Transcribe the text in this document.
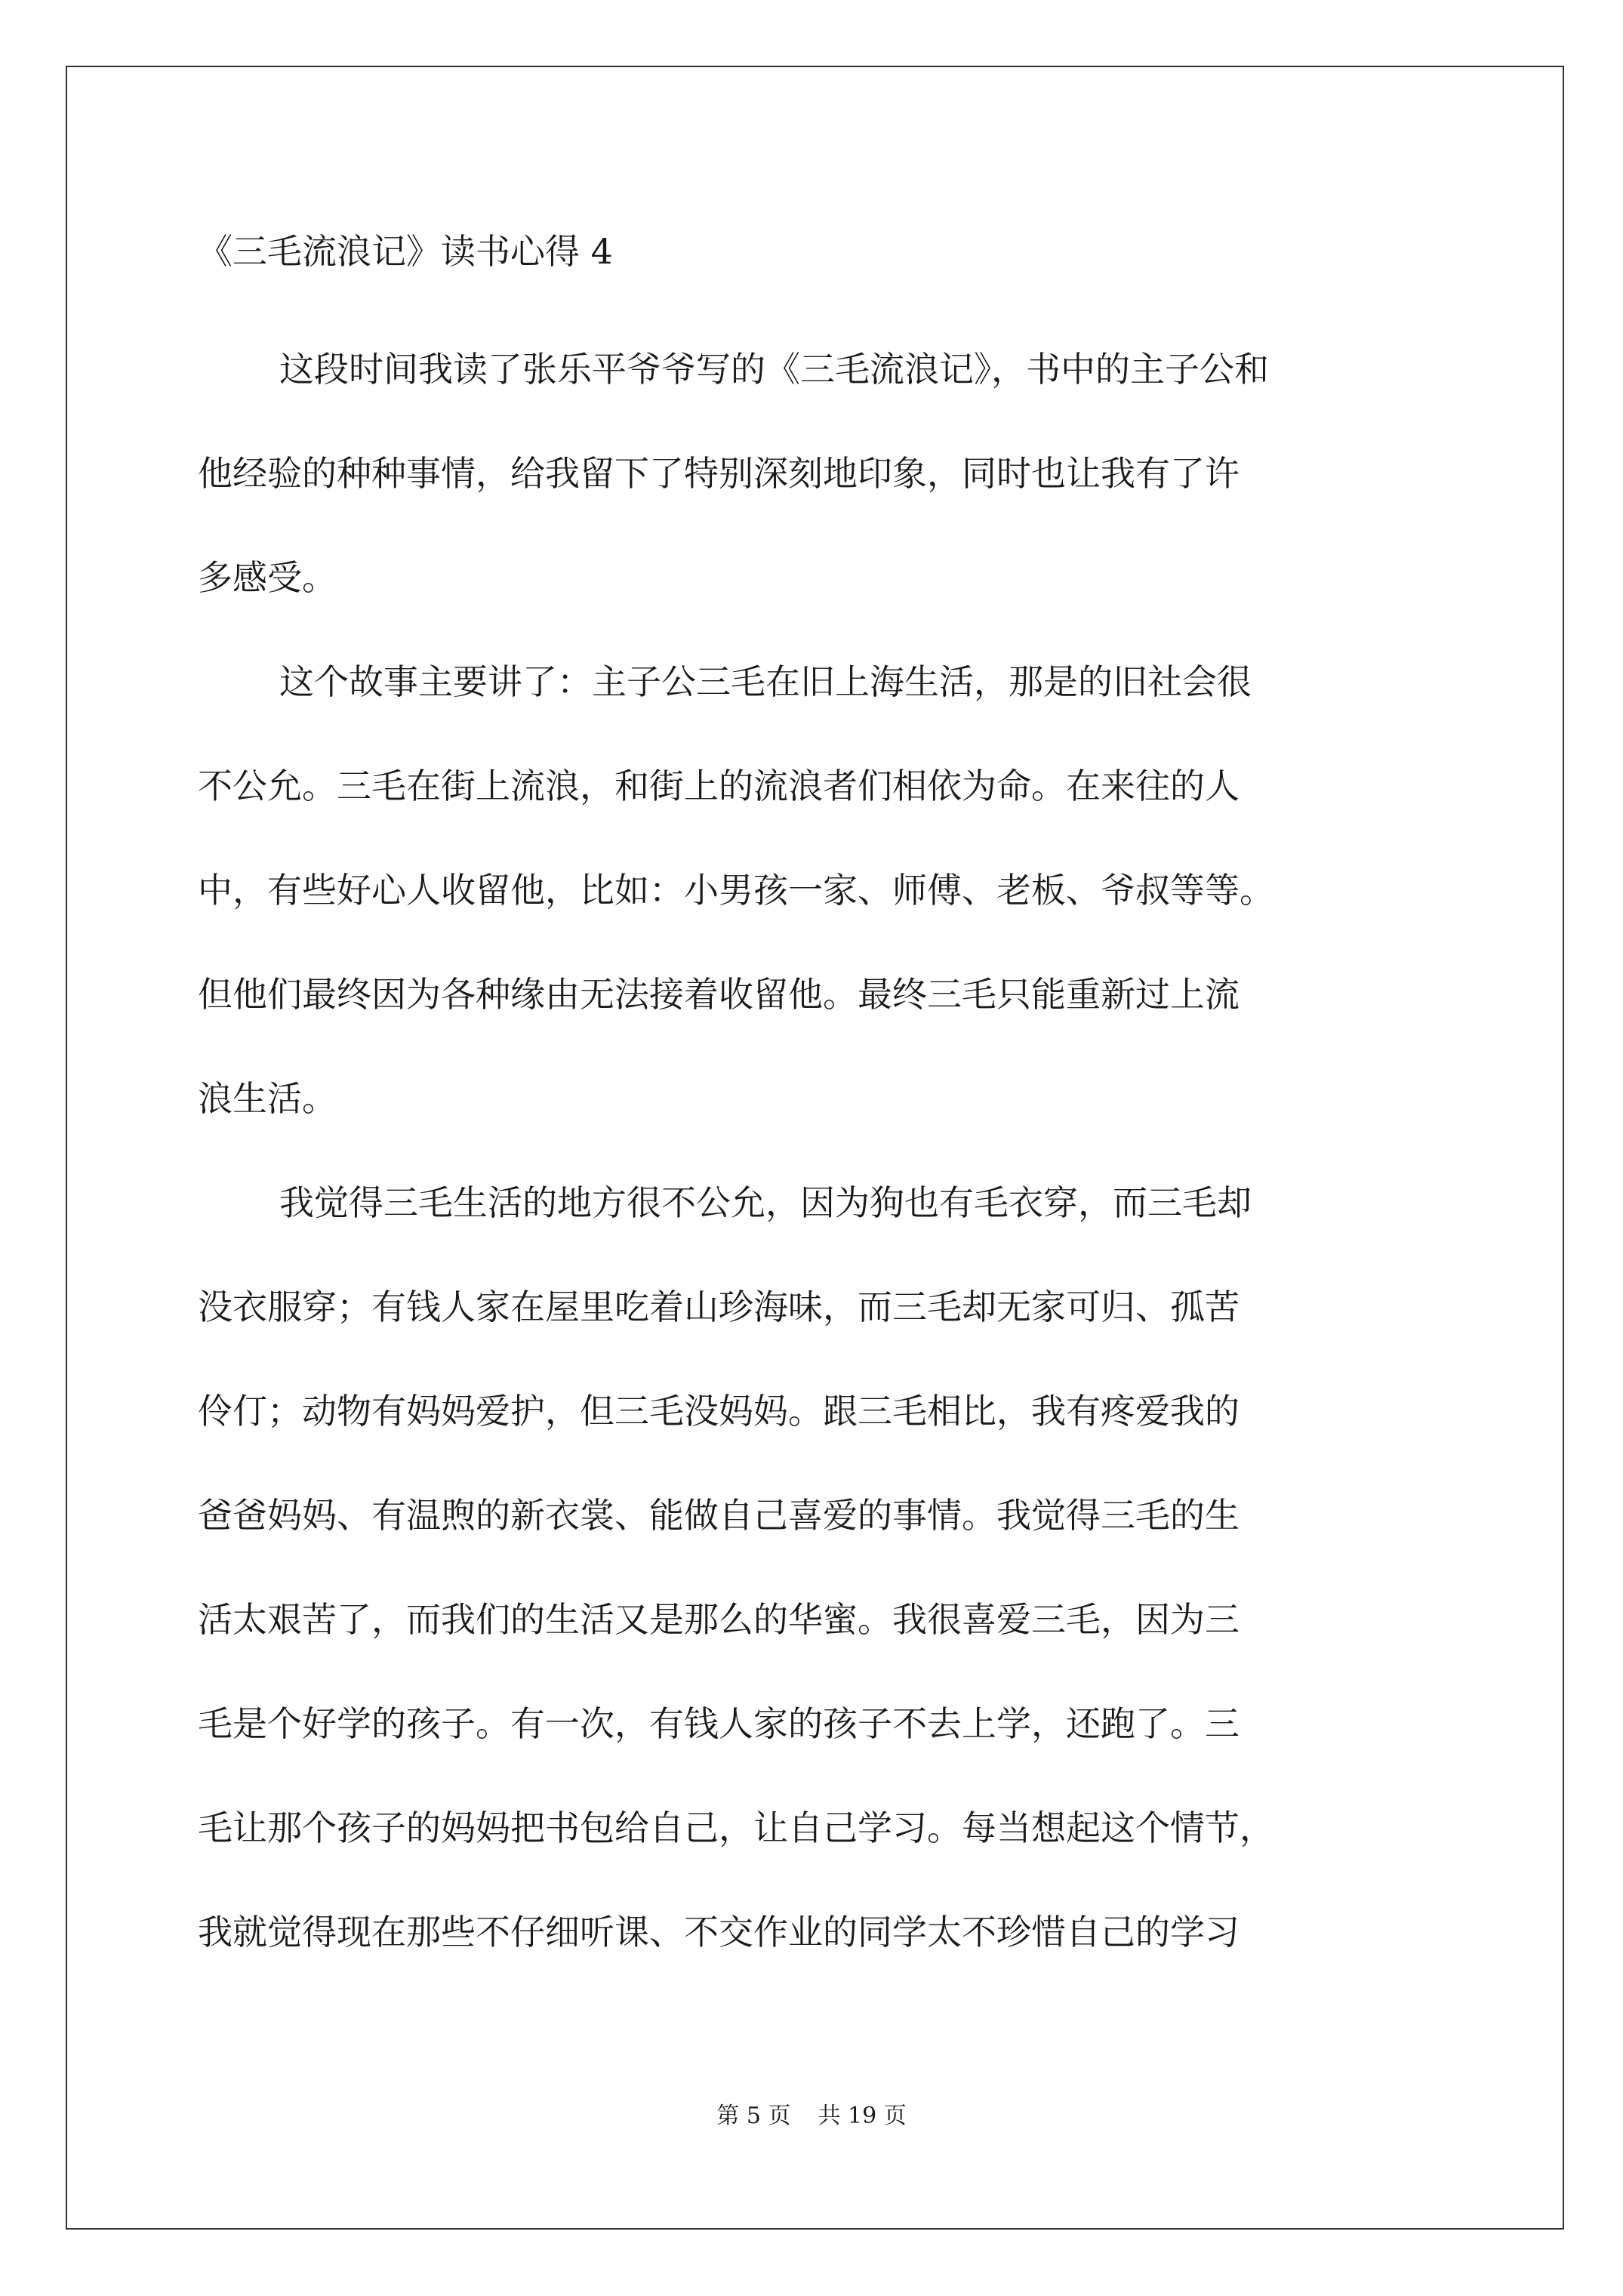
《三毛流浪记》读书心得 4
这段时间我读了张乐平爷爷写的《三毛流浪记》，书中的主子公和
他经验的种种事情，给我留下了特别深刻地印象，同时也让我有了许
多感受。
这个故事主要讲了：主子公三毛在旧上海生活，那是的旧社会很
不公允。三毛在街上流浪，和街上的流浪者们相依为命。在来往的人
中，有些好心人收留他，比如：小男孩一家、师傅、老板、爷叔等等。
但他们最终因为各种缘由无法接着收留他。最终三毛只能重新过上流
浪生活。
我觉得三毛生活的地方很不公允，因为狗也有毛衣穿，而三毛却
没衣服穿；有钱人家在屋里吃着山珍海味，而三毛却无家可归、孤苦
伶仃；动物有妈妈爱护，但三毛没妈妈。跟三毛相比，我有疼爱我的
爸爸妈妈、有温煦的新衣裳、能做自己喜爱的事情。我觉得三毛的生
活太艰苦了，而我们的生活又是那么的华蜜。我很喜爱三毛，因为三
毛是个好学的孩子。有一次，有钱人家的孩子不去上学，还跑了。三
毛让那个孩子的妈妈把书包给自己，让自己学习。每当想起这个情节，
我就觉得现在那些不仔细听课、不交作业的同学太不珍惜自己的学习
第 5 页 共 19 页
